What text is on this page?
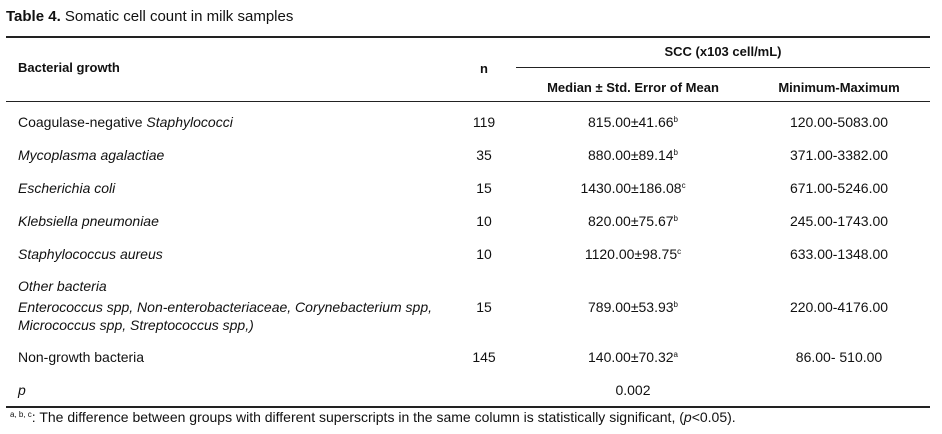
Table 4. Somatic cell count in milk samples
Bacterial growth	n
SCC (x103 cell/mL)
Median ± Std. Error of Mean	Minimum-Maximum
Coagulase-negative Staphylococci	119	815.00±41.66$^b$	120.00-5083.00
Mycoplasma agalactiae	35	880.00±89.14$^b$	371.00-3382.00
Escherichia coli	15	1430.00±186.08$^c$	671.00-5246.00
Klebsiella pneumoniae	10	820.00±75.67$^b$	245.00-1743.00
Staphylococcus aureus	10	1120.00±98.75$^c$	633.00-1348.00
Other bacteria
Enterococcus spp, Non-enterobacteriaceae, Corynebacterium spp, Micrococcus spp, Streptococcus spp,)
15	789.00±53.93$^b$	220.00-4176.00
Non-growth bacteria	145	140.00±70.32$^a$	86.00- 510.00
p	0.002
$^{a, b, c}$: The difference between groups with different superscripts in the same column is statistically significant, (p<0.05).
